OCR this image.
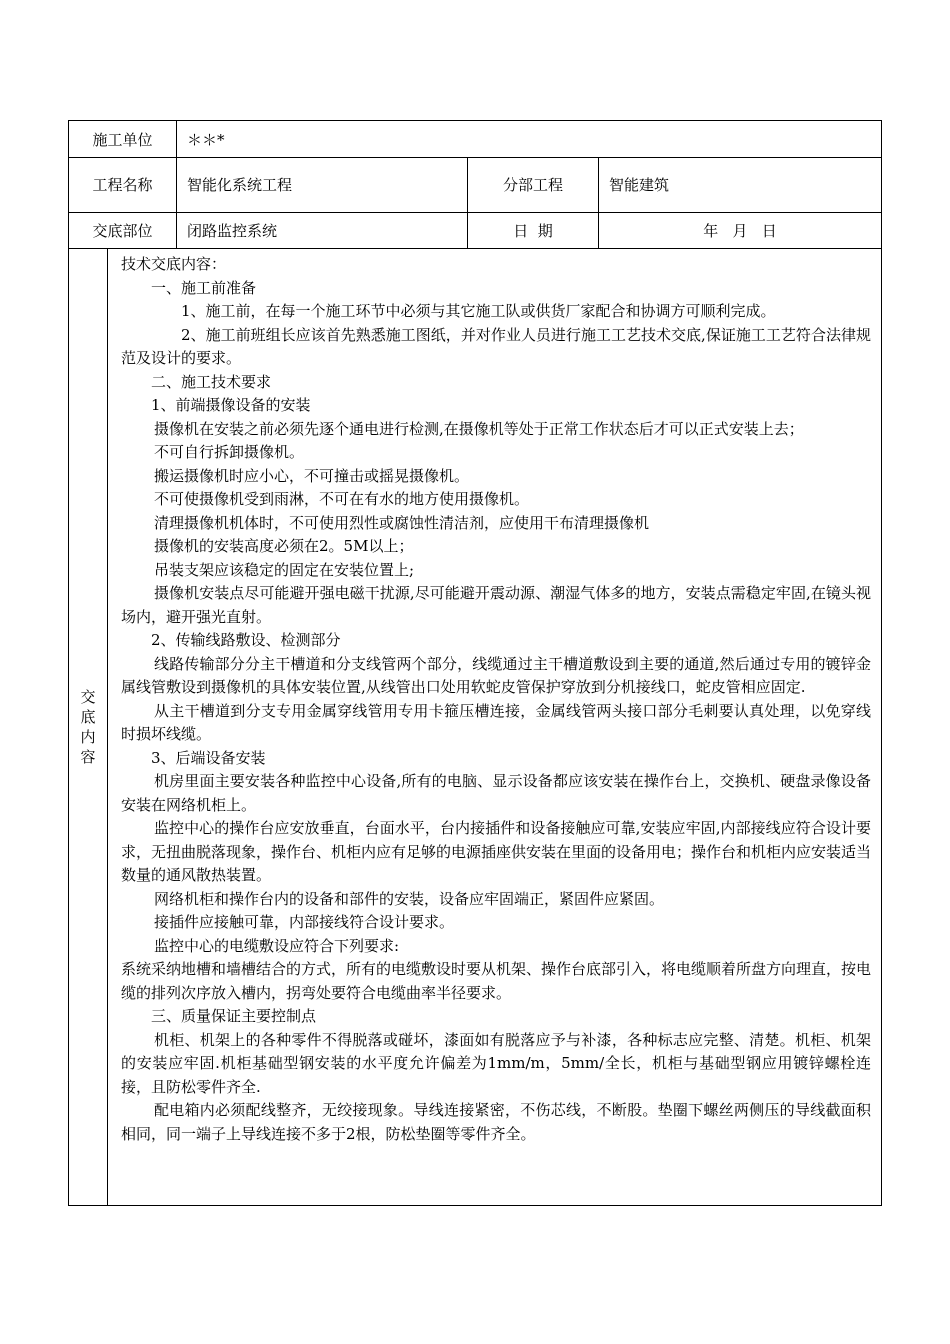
施工单位	＊＊*
工程名称	智能化系统工程	分部工程	智能建筑
交底部位	闭路监控系统	日  期	年   月   日
交底内容

技术交底内容：

一、施工前准备

1、施工前，在每一个施工环节中必须与其它施工队或供货厂家配合和协调方可顺利完成。

2、施工前班组长应该首先熟悉施工图纸，并对作业人员进行施工工艺技术交底,保证施工工艺符合法律规范及设计的要求。

二、施工技术要求

1、前端摄像设备的安装

摄像机在安装之前必须先逐个通电进行检测,在摄像机等处于正常工作状态后才可以正式安装上去；

不可自行拆卸摄像机。

搬运摄像机时应小心，不可撞击或摇晃摄像机。

不可使摄像机受到雨淋，不可在有水的地方使用摄像机。

清理摄像机机体时，不可使用烈性或腐蚀性清洁剂，应使用干布清理摄像机

摄像机的安装高度必须在2。5M以上；

吊装支架应该稳定的固定在安装位置上;

摄像机安装点尽可能避开强电磁干扰源,尽可能避开震动源、潮湿气体多的地方，安装点需稳定牢固,在镜头视场内，避开强光直射。

2、传输线路敷设、检测部分

线路传输部分分主干槽道和分支线管两个部分，线缆通过主干槽道敷设到主要的通道,然后通过专用的镀锌金属线管敷设到摄像机的具体安装位置,从线管出口处用软蛇皮管保护穿放到分机接线口，蛇皮管相应固定.

从主干槽道到分支专用金属穿线管用专用卡箍压槽连接，金属线管两头接口部分毛刺要认真处理，以免穿线时损坏线缆。

3、后端设备安装

机房里面主要安装各种监控中心设备,所有的电脑、显示设备都应该安装在操作台上，交换机、硬盘录像设备安装在网络机柜上。

监控中心的操作台应安放垂直，台面水平，台内接插件和设备接触应可靠,安装应牢固,内部接线应符合设计要求，无扭曲脱落现象，操作台、机柜内应有足够的电源插座供安装在里面的设备用电；操作台和机柜内应安装适当数量的通风散热装置。

网络机柜和操作台内的设备和部件的安装，设备应牢固端正，紧固件应紧固。

接插件应接触可靠，内部接线符合设计要求。

监控中心的电缆敷设应符合下列要求:

系统采纳地槽和墙槽结合的方式，所有的电缆敷设时要从机架、操作台底部引入，将电缆顺着所盘方向理直，按电缆的排列次序放入槽内，拐弯处要符合电缆曲率半径要求。

三、质量保证主要控制点

机柜、机架上的各种零件不得脱落或碰坏，漆面如有脱落应予与补漆，各种标志应完整、清楚。机柜、机架的安装应牢固.机柜基础型钢安装的水平度允许偏差为1mm/m，5mm/全长，机柜与基础型钢应用镀锌螺栓连接，且防松零件齐全.

配电箱内必须配线整齐，无绞接现象。导线连接紧密，不伤芯线，不断股。垫圈下螺丝两侧压的导线截面积相同，同一端子上导线连接不多于2根，防松垫圈等零件齐全。
